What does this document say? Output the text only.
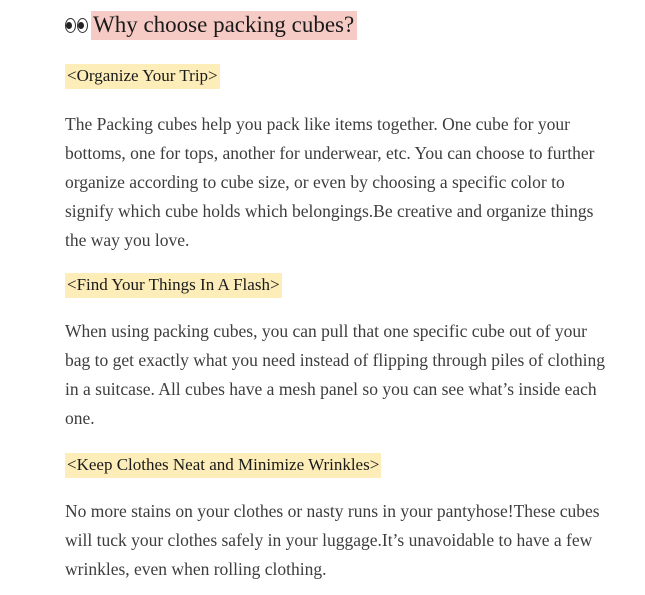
Why choose packing cubes?
<Organize Your Trip>

The Packing cubes help you pack like items together. One cube for your bottoms, one for tops, another for underwear, etc. You can choose to further organize according to cube size, or even by choosing a specific color to signify which cube holds which belongings.Be creative and organize things the way you love.

<Find Your Things In A Flash>

When using packing cubes, you can pull that one specific cube out of your bag to get exactly what you need instead of flipping through piles of clothing in a suitcase. All cubes have a mesh panel so you can see what’s inside each one.

<Keep Clothes Neat and Minimize Wrinkles>

No more stains on your clothes or nasty runs in your pantyhose!These cubes will tuck your clothes safely in your luggage.It’s unavoidable to have a few wrinkles, even when rolling clothing.
